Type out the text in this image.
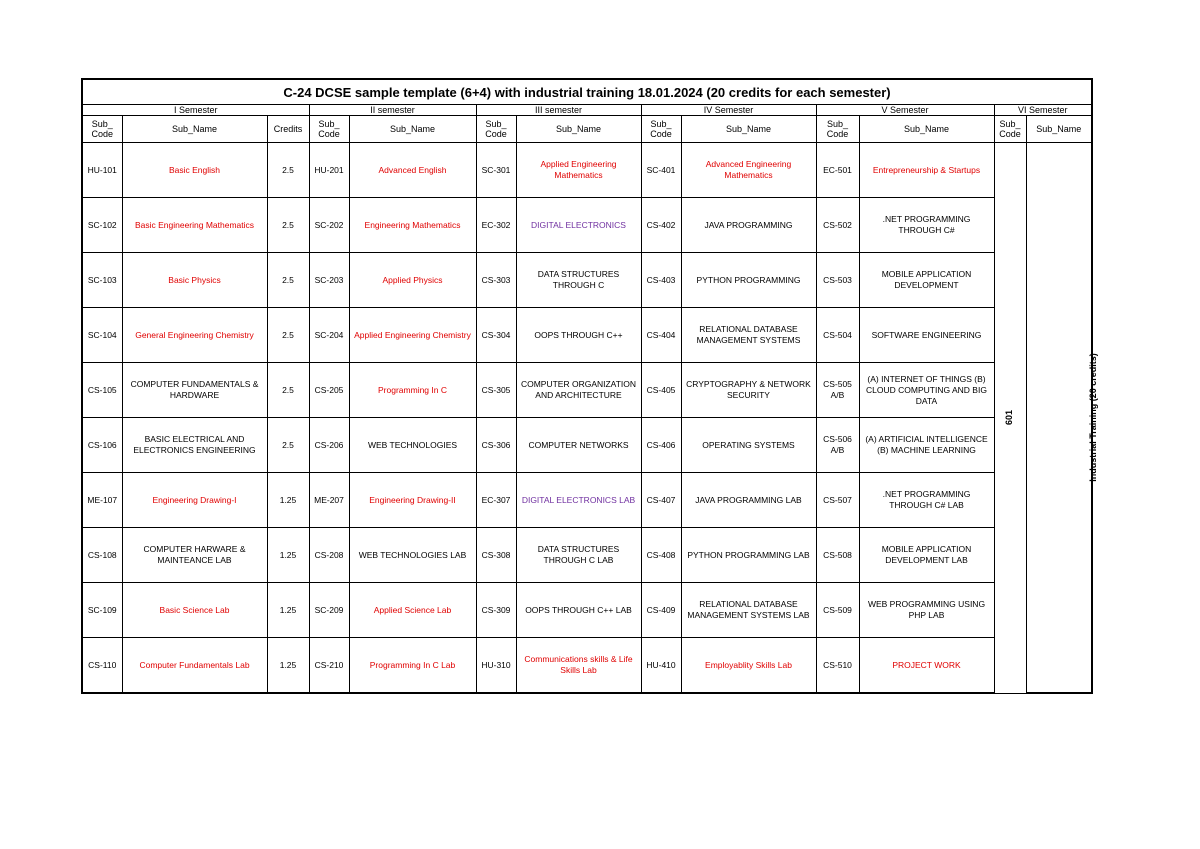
C-24 DCSE sample template (6+4) with industrial training 18.01.2024 (20 credits for each semester)												
I Semester			II semester		III semester		IV Semester		V Semester		VI Semester	
Sub_ Code	Sub_Name	Credits	Sub_ Code	Sub_Name	Sub_ Code	Sub_Name	Sub_ Code	Sub_Name	Sub_ Code	Sub_Name	Sub_ Code	Sub_Name
HU-101	Basic English	2.5	HU-201	Advanced English	SC-301	Applied Engineering Mathematics	SC-401	Advanced Engineering Mathematics	EC-501	Entrepreneurship & Startups	601	Industrial Training (20 credits)
SC-102	Basic Engineering Mathematics	2.5	SC-202	Engineering Mathematics	EC-302	DIGITAL ELECTRONICS	CS-402	JAVA PROGRAMMING	CS-502	.NET PROGRAMMING THROUGH C#		
SC-103	Basic Physics	2.5	SC-203	Applied Physics	CS-303	DATA STRUCTURES THROUGH C	CS-403	PYTHON PROGRAMMING	CS-503	MOBILE APPLICATION DEVELOPMENT		
SC-104	General Engineering Chemistry	2.5	SC-204	Applied Engineering Chemistry	CS-304	OOPS THROUGH C++	CS-404	RELATIONAL DATABASE MANAGEMENT SYSTEMS	CS-504	SOFTWARE ENGINEERING		
CS-105	COMPUTER FUNDAMENTALS & HARDWARE	2.5	CS-205	Programming In C	CS-305	COMPUTER ORGANIZATION AND ARCHITECTURE	CS-405	CRYPTOGRAPHY & NETWORK SECURITY	CS-505 A/B	(A) INTERNET OF THINGS (B) CLOUD COMPUTING AND BIG DATA		
CS-106	BASIC ELECTRICAL AND ELECTRONICS ENGINEERING	2.5	CS-206	WEB TECHNOLOGIES	CS-306	COMPUTER NETWORKS	CS-406	OPERATING SYSTEMS	CS-506 A/B	(A) ARTIFICIAL INTELLIGENCE (B) MACHINE LEARNING		
ME-107	Engineering Drawing-I	1.25	ME-207	Engineering Drawing-II	EC-307	DIGITAL ELECTRONICS LAB	CS-407	JAVA PROGRAMMING LAB	CS-507	.NET PROGRAMMING THROUGH C# LAB		
CS-108	COMPUTER HARWARE & MAINTEANCE LAB	1.25	CS-208	WEB TECHNOLOGIES LAB	CS-308	DATA STRUCTURES THROUGH C LAB	CS-408	PYTHON PROGRAMMING LAB	CS-508	MOBILE APPLICATION DEVELOPMENT LAB		
SC-109	Basic Science Lab	1.25	SC-209	Applied Science Lab	CS-309	OOPS THROUGH C++ LAB	CS-409	RELATIONAL DATABASE MANAGEMENT SYSTEMS LAB	CS-509	WEB PROGRAMMING USING PHP LAB		
CS-110	Computer Fundamentals Lab	1.25	CS-210	Programming In C Lab	HU-310	Communications skills & Life Skills Lab	HU-410	Employablity Skills Lab	CS-510	PROJECT WORK		
